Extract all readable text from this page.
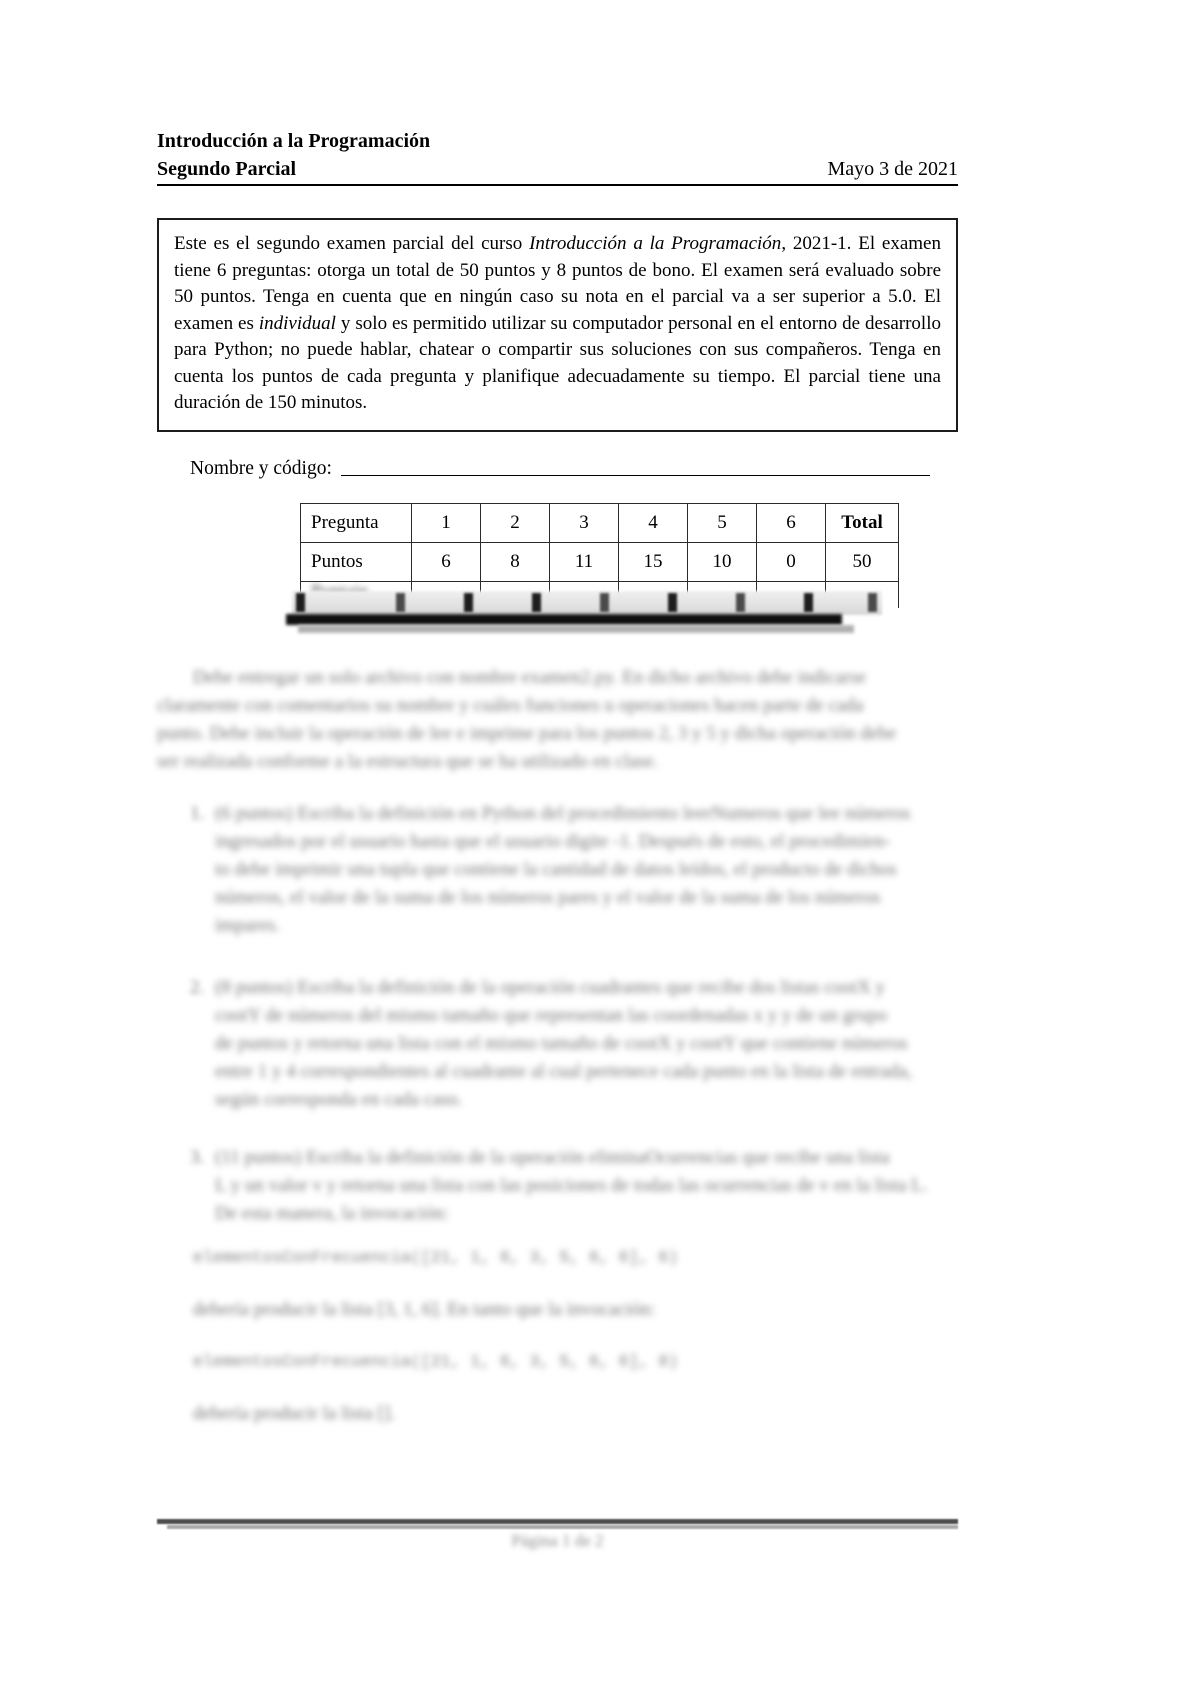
Introducción a la Programación
Segundo Parcial	Mayo 3 de 2021
Este es el segundo examen parcial del curso Introducción a la Programación, 2021-1. El examen tiene 6 preguntas: otorga un total de 50 puntos y 8 puntos de bono. El examen será evaluado sobre 50 puntos. Tenga en cuenta que en ningún caso su nota en el parcial va a ser superior a 5.0. El examen es individual y solo es permitido utilizar su computador personal en el entorno de desarrollo para Python; no puede hablar, chatear o compartir sus soluciones con sus compañeros. Tenga en cuenta los puntos de cada pregunta y planifique adecuadamente su tiempo. El parcial tiene una duración de 150 minutos.
Nombre y código:
Pregunta	1	2	3	4	5	6	Total
Puntos	6	8	11	15	10	0	50

Debe entregar un solo archivo con nombre examen2.py. En dicho archivo debe indicarse
claramente con comentarios su nombre y cuáles funciones u operaciones hacen parte de cada
punto. Debe incluir la operación de lee e imprime para los puntos 2, 3 y 5 y dicha operación debe
ser realizada conforme a la estructura que se ha utilizado en clase.
1. (6 puntos) Escriba la definición en Python del procedimiento leerNumeros que lee números
ingresados por el usuario hasta que el usuario digite -1. Después de esto, el procedimien-
to debe imprimir una tupla que contiene la cantidad de datos leídos, el producto de dichos
números, el valor de la suma de los números pares y el valor de la suma de los números
impares.
2. (8 puntos) Escriba la definición de la operación cuadrantes que recibe dos listas cootX y
cootY de números del mismo tamaño que representan las coordenadas x y y de un grupo
de puntos y retorna una lista con el mismo tamaño de cootX y cootY que contiene números
entre 1 y 4 correspondientes al cuadrante al cual pertenece cada punto en la lista de entrada,
según corresponda en cada caso.
3. (11 puntos) Escriba la definición de la operación eliminaOcurrencias que recibe una lista
L y un valor v y retorna una lista con las posiciones de todas las ocurrencias de v en la lista L.
De esta manera, la invocación:
elementosConFrecuencia([21, 1, 6, 3, 5, 6, 6], 6)
debería producir la lista [3, 1, 6]. En tanto que la invocación:
elementosConFrecuencia([21, 1, 6, 3, 5, 6, 6], 8)
debería producir la lista [].
Página 1 de 2
